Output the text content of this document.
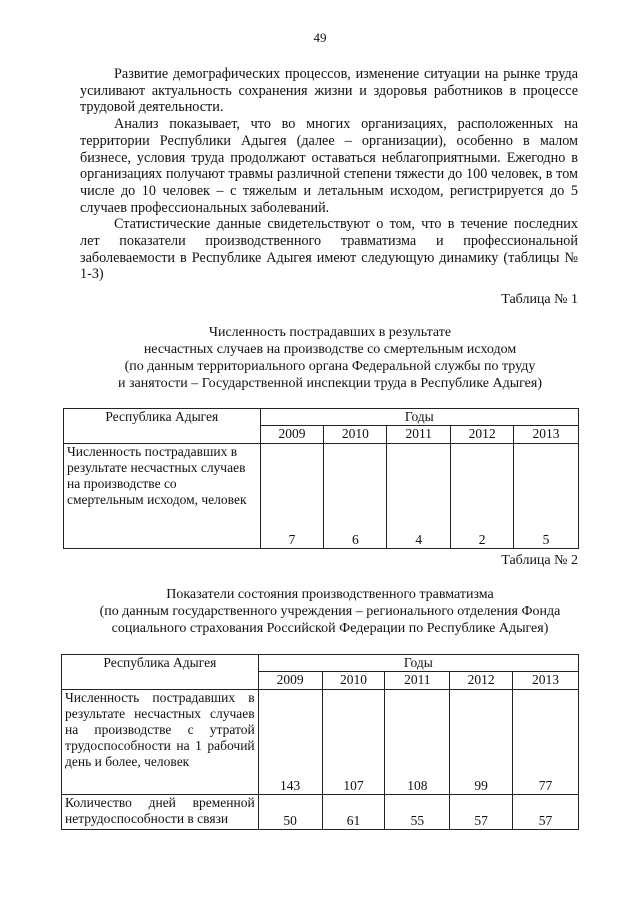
49

Развитие демографических процессов, изменение ситуации на рынке труда усиливают актуальность сохранения жизни и здоровья работников в процессе трудовой деятельности.

Анализ показывает, что во многих организациях, расположенных на территории Республики Адыгея (далее – организации), особенно в малом бизнесе, условия труда продолжают оставаться неблагоприятными. Ежегодно в организациях получают травмы различной степени тяжести до 100 человек, в том числе до 10 человек – с тяжелым и летальным исходом, регистрируется до 5 случаев профессиональных заболеваний.

Статистические данные свидетельствуют о том, что в течение последних лет показатели производственного травматизма и профессиональной заболеваемости в Республике Адыгея имеют следующую динамику (таблицы № 1-3)

Таблица № 1
Численность пострадавших в результате
несчастных случаев на производстве со смертельным исходом
(по данным территориального органа Федеральной службы по труду
и занятости – Государственной инспекции труда в Республике Адыгея)
Республика Адыгея	Годы				
	2009	2010	2011	2012	2013
Численность пострадавших в результате несчастных случаев на производстве со смертельным исходом, человек	7	6	4	2	5
Таблица № 2
Показатели состояния производственного травматизма
(по данным государственного учреждения – регионального отделения Фонда
социального страхования Российской Федерации по Республике Адыгея)
Республика Адыгея	Годы				
	2009	2010	2011	2012	2013
Численность пострадавших в результате несчастных случаев на производстве с утратой трудоспособности на 1 рабочий день и более, человек	143	107	108	99	77
Количество дней временной нетрудоспособности в связи	50	61	55	57	57
